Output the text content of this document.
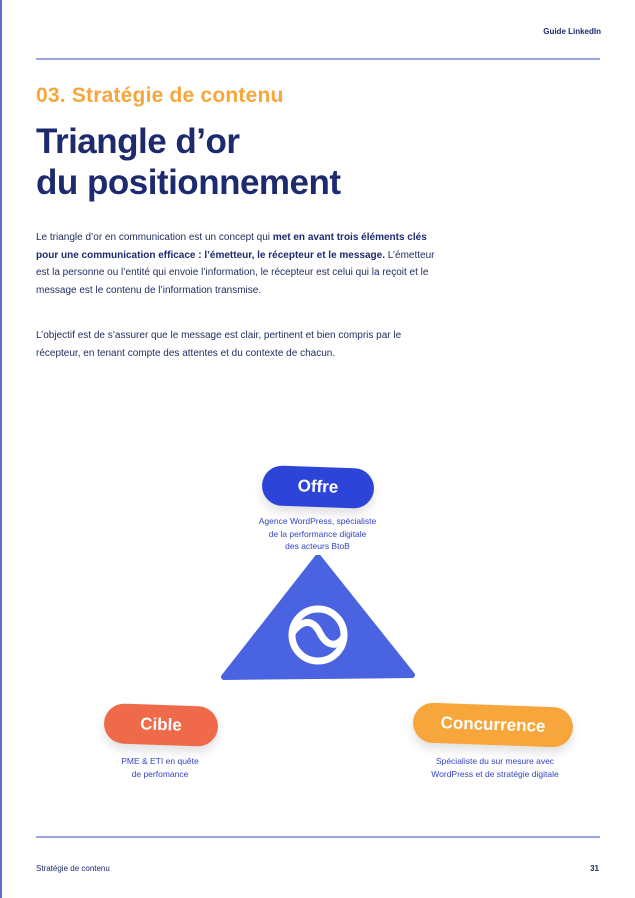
Guide LinkedIn
03. Stratégie de contenu
Triangle d’or
du positionnement

Le triangle d’or en communication est un concept qui met en avant trois éléments clés pour une communication efficace : l’émetteur, le récepteur et le message. L’émetteur est la personne ou l’entité qui envoie l’information, le récepteur est celui qui la reçoit et le message est le contenu de l’information transmise.

L’objectif est de s’assurer que le message est clair, pertinent et bien compris par le récepteur, en tenant compte des attentes et du contexte de chacun.

Offre
Agence WordPress, spécialiste
de la performance digitale
des acteurs BtoB
Cible
PME & ETI en quête
de perfomance
Concurrence
Spécialiste du sur mesure avec
WordPress et de stratégie digitale
Stratégie de contenu	31
